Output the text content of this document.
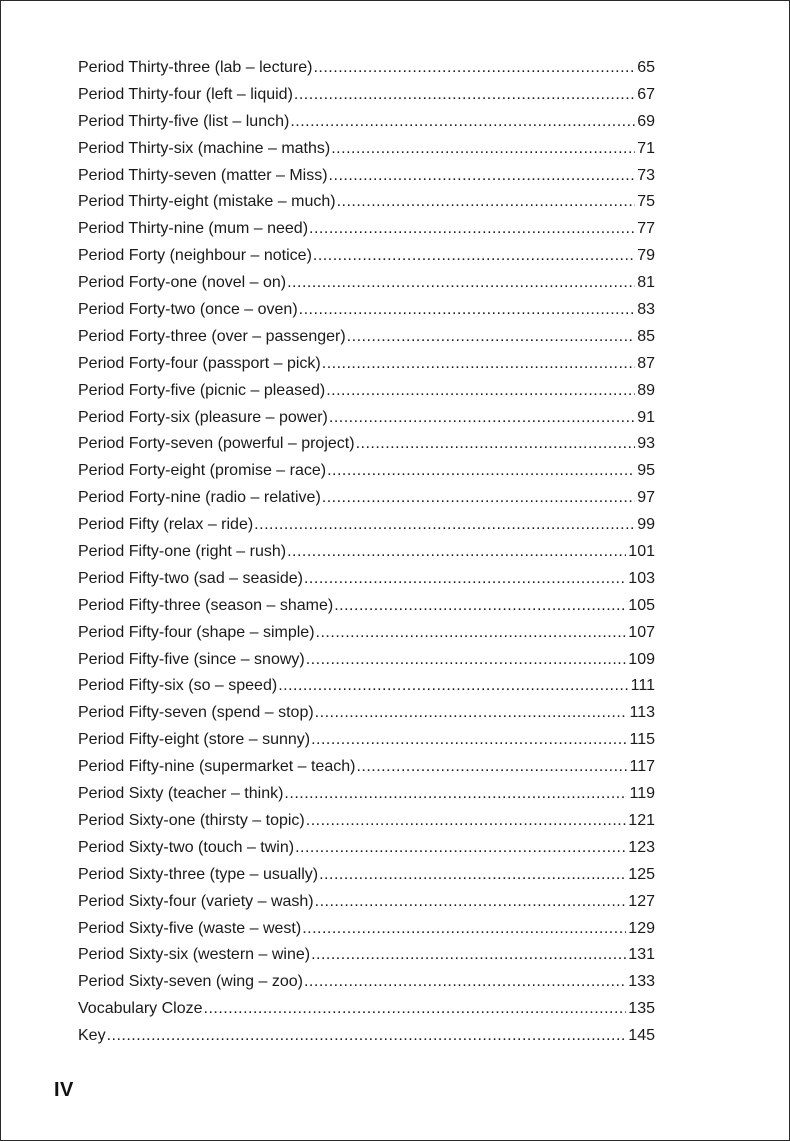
Period Thirty-three (lab – lecture) .....	65
Period Thirty-four (left – liquid) .....	67
Period Thirty-five (list – lunch) .....	69
Period Thirty-six (machine – maths) .....	71
Period Thirty-seven (matter – Miss) .....	73
Period Thirty-eight (mistake – much) .....	75
Period Thirty-nine (mum – need) .....	77
Period Forty (neighbour – notice) .....	79
Period Forty-one (novel – on) .....	81
Period Forty-two (once – oven) .....	83
Period Forty-three (over – passenger) .....	85
Period Forty-four (passport – pick) .....	87
Period Forty-five (picnic – pleased) .....	89
Period Forty-six (pleasure – power) .....	91
Period Forty-seven (powerful – project) .....	93
Period Forty-eight (promise – race) .....	95
Period Forty-nine (radio – relative) .....	97
Period Fifty (relax – ride) .....	99
Period Fifty-one (right – rush) .....	101
Period Fifty-two (sad – seaside) .....	103
Period Fifty-three (season – shame) .....	105
Period Fifty-four (shape – simple) .....	107
Period Fifty-five (since – snowy) .....	109
Period Fifty-six (so – speed) .....	111
Period Fifty-seven (spend – stop) .....	113
Period Fifty-eight (store – sunny) .....	115
Period Fifty-nine (supermarket – teach) .....	117
Period Sixty (teacher – think) .....	119
Period Sixty-one (thirsty – topic) .....	121
Period Sixty-two (touch – twin) .....	123
Period Sixty-three (type – usually) .....	125
Period Sixty-four (variety – wash) .....	127
Period Sixty-five (waste – west) .....	129
Period Sixty-six (western – wine) .....	131
Period Sixty-seven (wing – zoo) .....	133
Vocabulary Cloze .....	135
Key .....	145
IV
